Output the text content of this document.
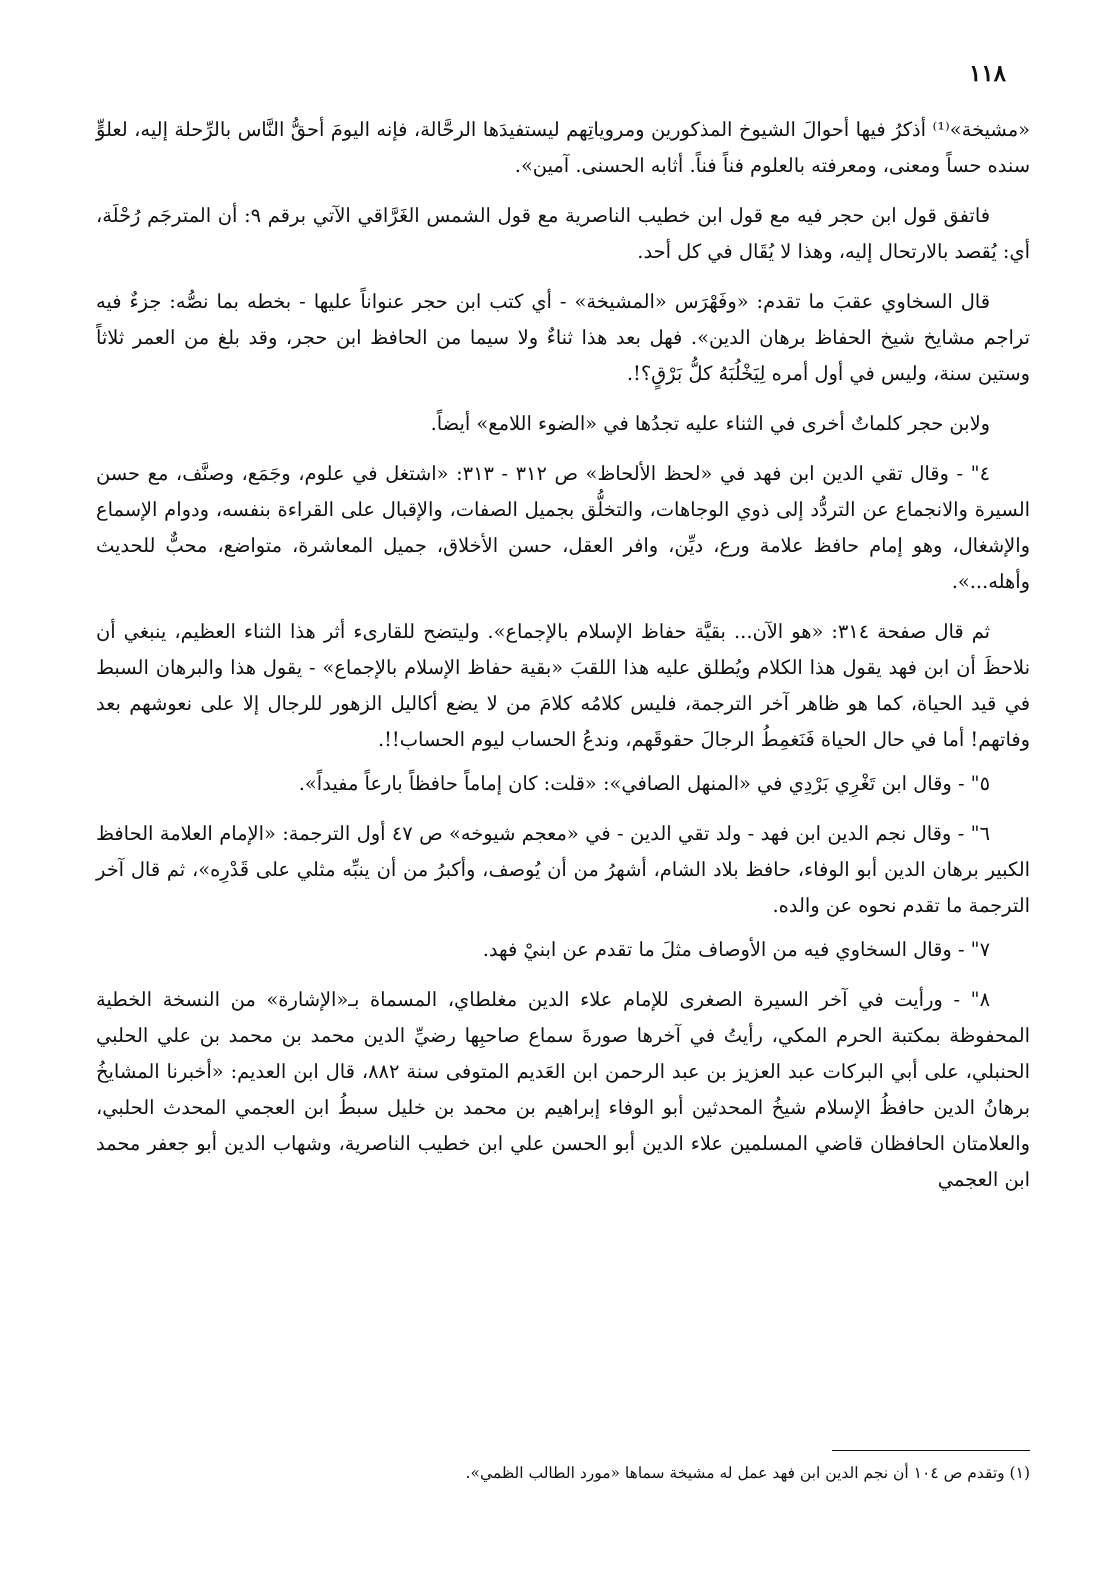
١١٨

«مشيخة»⁽¹⁾ أذكرُ فيها أحوالَ الشيوخ المذكورين ومروياتِهم ليستفيدَها الرحَّالة، فإنه اليومَ أحقُّ النَّاس بالرِّحلة إليه، لعلوٍّ سنده حساً ومعنى، ومعرفته بالعلوم فناً فناً. أثابه الحسنى. آمين».

فاتفق قول ابن حجر فيه مع قول ابن خطيب الناصرية مع قول الشمس الغَرَّاقي الآتي برقم ٩: أن المترجَم رُحْلَة، أي: يُقصد بالارتحال إليه، وهذا لا يُقَال في كل أحد.

قال السخاوي عقبَ ما تقدم: «وفَهْرَس «المشيخة» - أي كتب ابن حجر عنواناً عليها - بخطه بما نصُّه: جزءٌ فيه تراجم مشايخ شيخ الحفاظ برهان الدين». فهل بعد هذا ثناءٌ ولا سيما من الحافظ ابن حجر، وقد بلغ من العمر ثلاثاً وستين سنة، وليس في أول أمره لِيَخْلُبَهُ كلُّ بَرْقٍ؟!.

ولابن حجر كلماتٌ أخرى في الثناء عليه تجدُها في «الضوء اللامع» أيضاً.

٤" - وقال تقي الدين ابن فهد في «لحظ الألحاظ» ص ٣١٢ - ٣١٣: «اشتغل في علوم، وجَمَع، وصنَّف، مع حسن السيرة والانجماع عن التردُّد إلى ذوي الوجاهات، والتخلُّق بجميل الصفات، والإقبال على القراءة بنفسه، ودوام الإسماع والإشغال، وهو إمام حافظ علامة ورع، ديِّن، وافر العقل، حسن الأخلاق، جميل المعاشرة، متواضع، محبٌّ للحديث وأهله...».

ثم قال صفحة ٣١٤: «هو الآن... بقيَّة حفاظ الإسلام بالإجماع». وليتضح للقارىء أثر هذا الثناء العظيم، ينبغي أن نلاحظَ أن ابن فهد يقول هذا الكلام ويُطلق عليه هذا اللقبَ «بقية حفاظ الإسلام بالإجماع» - يقول هذا والبرهان السبط في قيد الحياة، كما هو ظاهر آخر الترجمة، فليس كلامُه كلامَ من لا يضع أكاليل الزهور للرجال إلا على نعوشهم بعد وفاتهم! أما في حال الحياة فَنَغمِطُ الرجالَ حقوقَهم، وندعُ الحساب ليوم الحساب!!.

٥" - وقال ابن تَغْرِي بَرْدِي في «المنهل الصافي»: «قلت: كان إماماً حافظاً بارعاً مفيداً».

٦" - وقال نجم الدين ابن فهد - ولد تقي الدين - في «معجم شيوخه» ص ٤٧ أول الترجمة: «الإمام العلامة الحافظ الكبير برهان الدين أبو الوفاء، حافظ بلاد الشام، أشهرُ من أن يُوصف، وأكبرُ من أن ينبِّه مثلي على قَدْرِه»، ثم قال آخر الترجمة ما تقدم نحوه عن والده.

٧" - وقال السخاوي فيه من الأوصاف مثلَ ما تقدم عن ابنيْ فهد.

٨" - ورأيت في آخر السيرة الصغرى للإمام علاء الدين مغلطاي، المسماة بـ«الإشارة» من النسخة الخطية المحفوظة بمكتبة الحرم المكي، رأيتُ في آخرها صورةَ سماع صاحبِها رضيِّ الدين محمد بن محمد بن علي الحلبي الحنبلي، على أبي البركات عبد العزيز بن عبد الرحمن ابن العَديم المتوفى سنة ٨٨٢، قال ابن العديم: «أخبرنا المشايخُ برهانُ الدين حافظُ الإسلام شيخُ المحدثين أبو الوفاء إبراهيم بن محمد بن خليل سبطُ ابن العجمي المحدث الحلبي، والعلامتان الحافظان قاضي المسلمين علاء الدين أبو الحسن علي ابن خطيب الناصرية، وشهاب الدين أبو جعفر محمد ابن العجمي

(١) وتقدم ص ١٠٤ أن نجم الدين ابن فهد عمل له مشيخة سماها «مورد الطالب الظمي».
